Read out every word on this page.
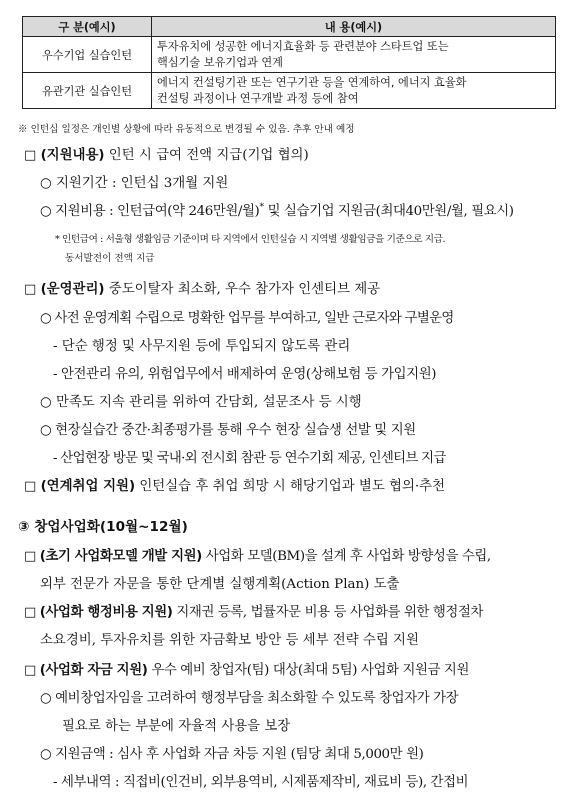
구 분(예시)	내 용(예시)
우수기업 실습인턴	투자유치에 성공한 에너지효율화 등 관련분야 스타트업 또는
핵심기술 보유기업과 연계
유관기관 실습인턴	에너지 컨설팅기관 또는 연구기관 등을 연계하여, 에너지 효율화
컨설팅 과정이나 연구개발 과정 등에 참여
※ 인턴십 일정은 개인별 상황에 따라 유동적으로 변경될 수 있음. 추후 안내 예정
□ (지원내용) 인턴 시 급여 전액 지급(기업 협의)
○ 지원기간 : 인턴십 3개월 지원
○ 지원비용 : 인턴급여(약 246만원/월)* 및 실습기업 지원금(최대40만원/월, 필요시)
* 인턴급여 : 서울형 생활임금 기준이며 타 지역에서 인턴실습 시 지역별 생활임금을 기준으로 지급.
동서발전이 전액 지급
□ (운영관리) 중도이탈자 최소화, 우수 참가자 인센티브 제공
○ 사전 운영계획 수립으로 명확한 업무를 부여하고, 일반 근로자와 구별운영
- 단순 행정 및 사무지원 등에 투입되지 않도록 관리
- 안전관리 유의, 위험업무에서 배제하여 운영(상해보험 등 가입지원)
○ 만족도 지속 관리를 위하여 간담회, 설문조사 등 시행
○ 현장실습간 중간·최종평가를 통해 우수 현장 실습생 선발 및 지원
- 산업현장 방문 및 국내·외 전시회 참관 등 연수기회 제공, 인센티브 지급
□ (연계취업 지원) 인턴실습 후 취업 희망 시 해당기업과 별도 협의·추천
③ 창업사업화(10월~12월)
□ (초기 사업화모델 개발 지원) 사업화 모델(BM)을 설계 후 사업화 방향성을 수립,
외부 전문가 자문을 통한 단계별 실행계획(Action Plan) 도출
□ (사업화 행정비용 지원) 지재권 등록, 법률자문 비용 등 사업화를 위한 행정절차
소요경비, 투자유치를 위한 자금확보 방안 등 세부 전략 수립 지원
□ (사업화 자금 지원) 우수 예비 창업자(팀) 대상(최대 5팀) 사업화 지원금 지원
○ 예비창업자임을 고려하여 행정부담을 최소화할 수 있도록 창업자가 가장
필요로 하는 부분에 자율적 사용을 보장
○ 지원금액 : 심사 후 사업화 자금 차등 지원 (팀당 최대 5,000만 원)
- 세부내역 : 직접비(인건비, 외부용역비, 시제품제작비, 재료비 등), 간접비
